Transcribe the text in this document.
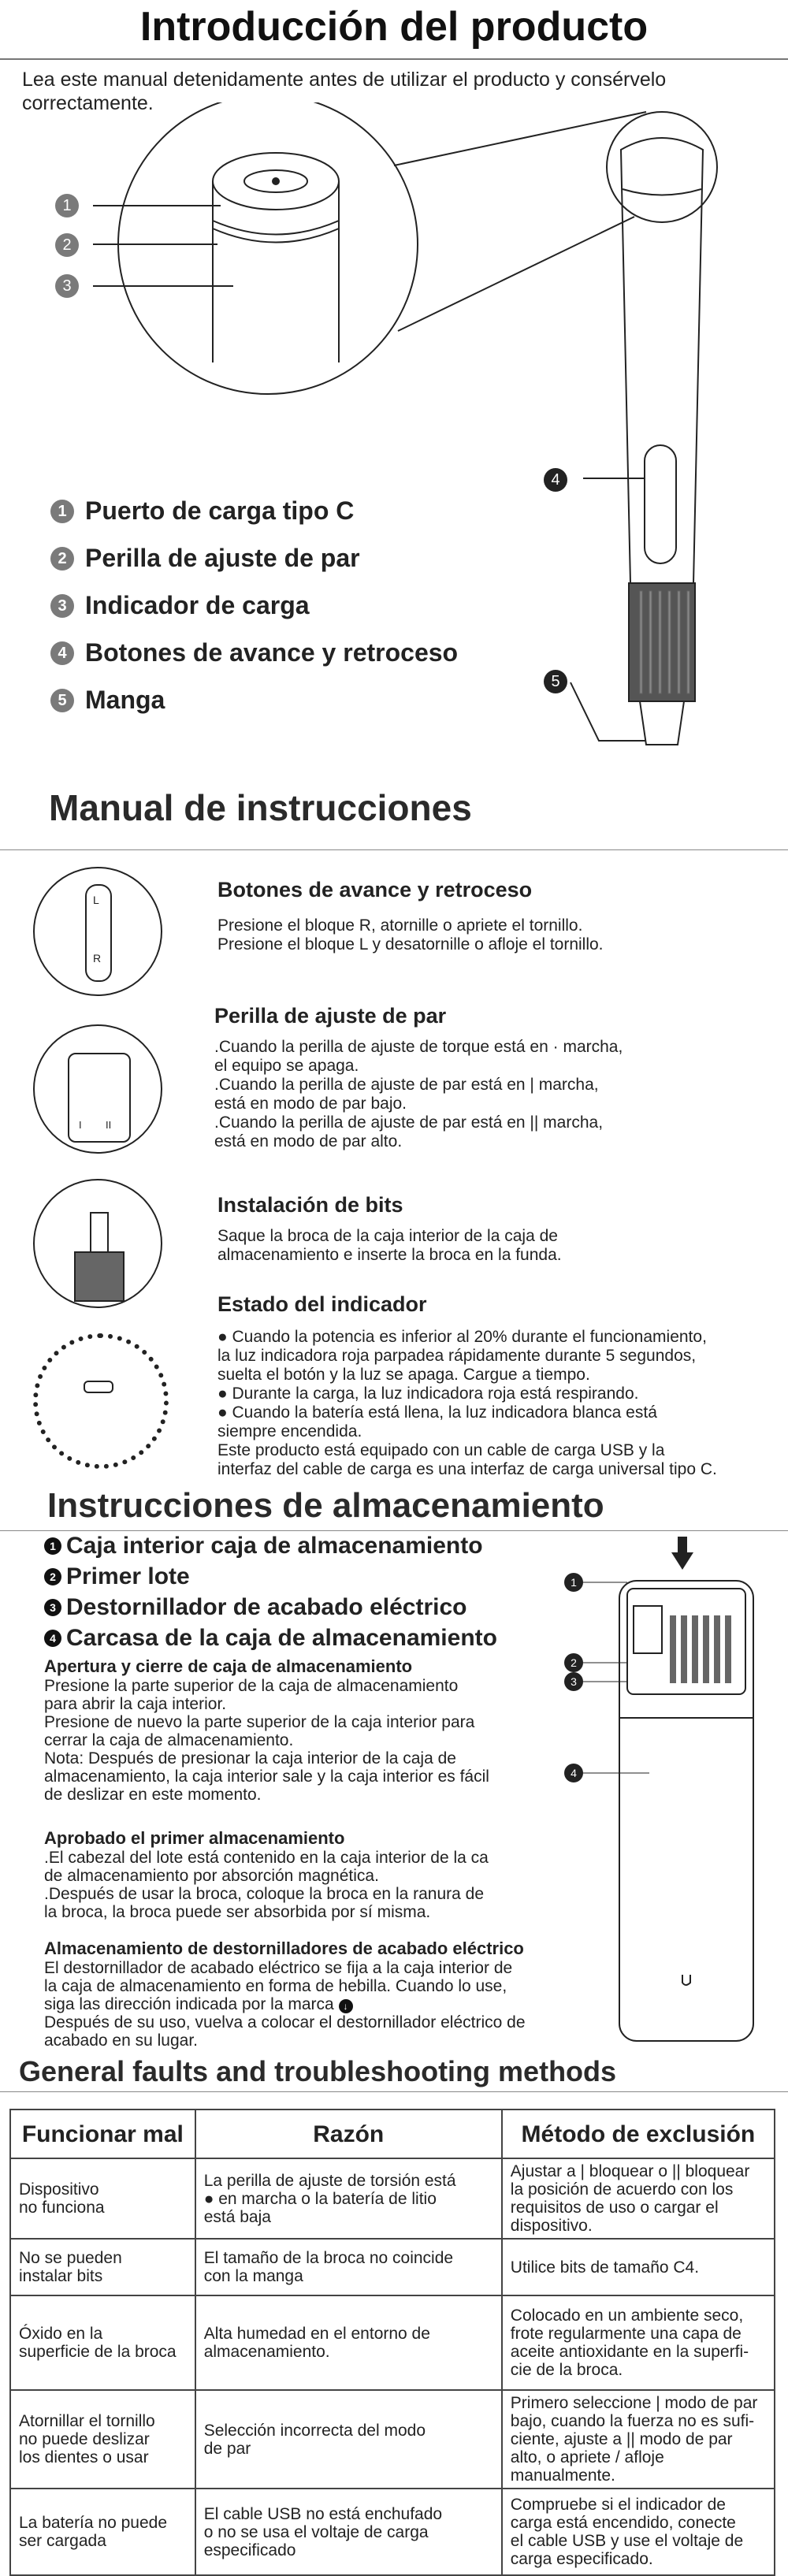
Introducción del producto
Lea este manual detenidamente antes de utilizar el producto y consérvelo correctamente.
1
2
3
4
5
1 Puerto de carga tipo C
2 Perilla de ajuste de par
3 Indicador de carga
4 Botones de avance y retroceso
5 Manga
Manual de instrucciones
L
R
I II
Botones de avance y retroceso
Presione el bloque R, atornille o apriete el tornillo.
Presione el bloque L y desatornille o afloje el tornillo.
Perilla de ajuste de par
.Cuando la perilla de ajuste de torque está en · marcha,
el equipo se apaga.
.Cuando la perilla de ajuste de par está en | marcha,
está en modo de par bajo.
.Cuando la perilla de ajuste de par está en || marcha,
está en modo de par alto.
Instalación de bits
Saque la broca de la caja interior de la caja de
almacenamiento e inserte la broca en la funda.
Estado del indicador
● Cuando la potencia es inferior al 20% durante el funcionamiento,
la luz indicadora roja parpadea rápidamente durante 5 segundos,
suelta el botón y la luz se apaga. Cargue a tiempo.
● Durante la carga, la luz indicadora roja está respirando.
● Cuando la batería está llena, la luz indicadora blanca está
siempre encendida.
Este producto está equipado con un cable de carga USB y la
interfaz del cable de carga es una interfaz de carga universal tipo C.
Instrucciones de almacenamiento
1 Caja interior caja de almacenamiento
2 Primer lote
3 Destornillador de acabado eléctrico
4 Carcasa de la caja de almacenamiento
Apertura y cierre de caja de almacenamiento
Presione la parte superior de la caja de almacenamiento
para abrir la caja interior.
Presione de nuevo la parte superior de la caja interior para
cerrar la caja de almacenamiento.
Nota: Después de presionar la caja interior de la caja de
almacenamiento, la caja interior sale y la caja interior es fácil
de deslizar en este momento.
Aprobado el primer almacenamiento
.El cabezal del lote está contenido en la caja interior de la ca
de almacenamiento por absorción magnética.
.Después de usar la broca, coloque la broca en la ranura de
la broca, la broca puede ser absorbida por sí misma.
Almacenamiento de destornilladores de acabado eléctrico
El destornillador de acabado eléctrico se fija a la caja interior de
la caja de almacenamiento en forma de hebilla. Cuando lo use,
siga las dirección indicada por la marca ↓
Después de su uso, vuelva a colocar el destornillador eléctrico de
acabado en su lugar.
1
2
3
4
General faults and troubleshooting methods
Funcionar mal	Razón	Método de exclusión
Dispositivo
no funciona	La perilla de ajuste de torsión está
● en marcha o la batería de litio
está baja	Ajustar a | bloquear o || bloquear
la posición de acuerdo con los
requisitos de uso o cargar el
dispositivo.
No se pueden
instalar bits	El tamaño de la broca no coincide
con la manga	Utilice bits de tamaño C4.
Óxido en la
superficie de la broca	Alta humedad en el entorno de
almacenamiento.	Colocado en un ambiente seco,
frote regularmente una capa de
aceite antioxidante en la superfi-
cie de la broca.
Atornillar el tornillo
no puede deslizar
los dientes o usar	Selección incorrecta del modo
de par	Primero seleccione | modo de par
bajo, cuando la fuerza no es sufi-
ciente, ajuste a || modo de par
alto, o apriete / afloje manualmente.
La batería no puede
ser cargada	El cable USB no está enchufado
o no se usa el voltaje de carga
especificado	Compruebe si el indicador de
carga está encendido, conecte
el cable USB y use el voltaje de
carga especificado.
